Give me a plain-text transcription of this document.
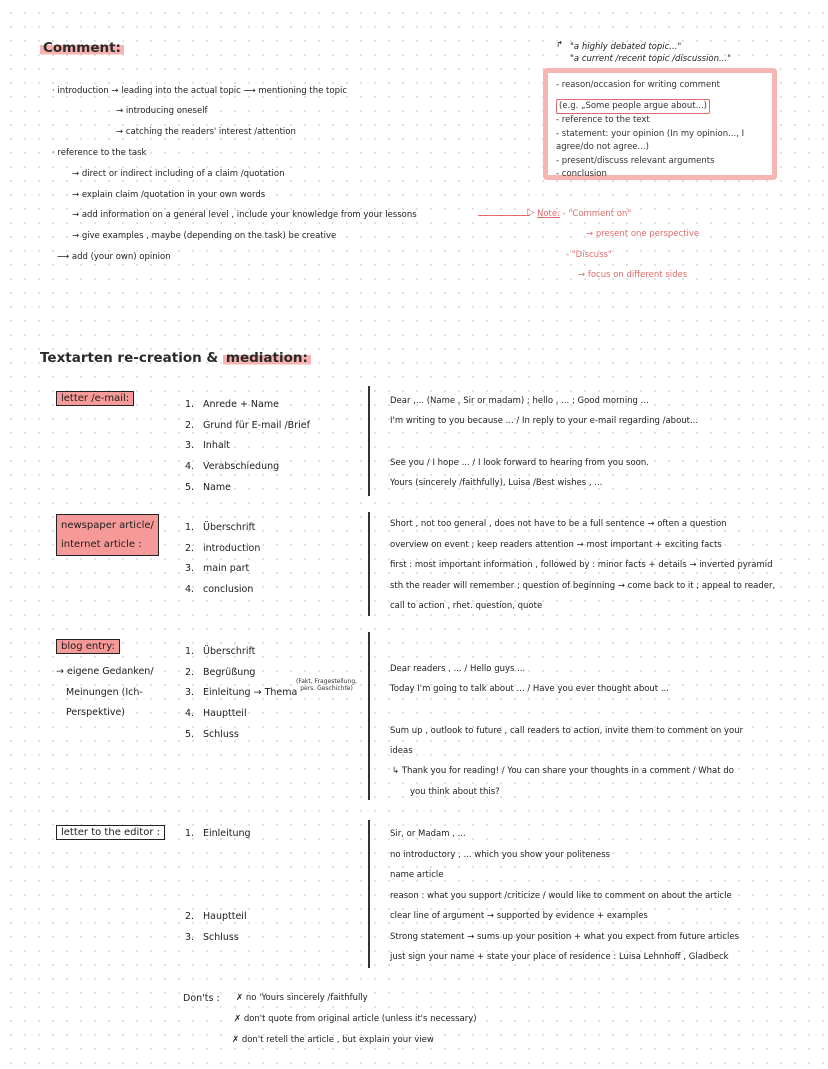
Comment:
· introduction → leading into the actual topic ⟶ mentioning the topic
→ introducing oneself
→ catching the readers' interest /attention
· reference to the task
→ direct or indirect including of a claim /quotation
→ explain claim /quotation in your own words
→ add information on a general level , include your knowledge from your lessons
→ give examples , maybe (depending on the task) be creative
⟶ add (your own) opinion
▷ Note: - "Comment on"
→ present one perspective
- "Discuss"
→ focus on different sides
↱ "a highly debated topic..."
"a current /recent topic /discussion..."
- reason/occasion for writing comment
(e.g. „Some people argue about...)
- reference to the text
- statement: your opinion (In my opinion..., I
agree/do not agree...)
- present/discuss relevant arguments
- conclusion
Textarten re-creation & mediation:
letter /e-mail:
1. Anrede + Name
2. Grund für E-mail /Brief
3. Inhalt
4. Verabschiedung
5. Name
Dear ,... (Name , Sir or madam) ; hello , ... ; Good morning ...
I'm writing to you because ... / In reply to your e-mail regarding /about...
See you / I hope ... / I look forward to hearing from you soon.
Yours (sincerely /faithfully), Luisa /Best wishes , ...
newspaper article/
internet article :
1. Überschrift
2. introduction
3. main part
4. conclusion
Short , not too general , does not have to be a full sentence → often a question
overview on event ; keep readers attention → most important + exciting facts
first : most important information , followed by : minor facts + details → inverted pyramid
sth the reader will remember ; question of beginning → come back to it ; appeal to reader,
call to action , rhet. question, quote
blog entry:
→ eigene Gedanken/
Meinungen (Ich-
Perspektive)
1. Überschrift
2. Begrüßung
3. Einleitung → Thema
4. Hauptteil
5. Schluss
(Fakt, Fragestellung,
pers. Geschichte)
Dear readers , ... / Hello guys ...
Today I'm going to talk about ... / Have you ever thought about ...
Sum up , outlook to future , call readers to action, invite them to comment on your
ideas
↳ Thank you for reading! / You can share your thoughts in a comment / What do
you think about this?
letter to the editor :	1. Einleitung
2. Hauptteil
3. Schluss
Sir, or Madam , ...
no introductory , ... which you show your politeness
name article
reason : what you support /criticize / would like to comment on about the article
clear line of argument → supported by evidence + examples
Strong statement → sums up your position + what you expect from future articles
just sign your name + state your place of residence : Luisa Lehnhoff , Gladbeck
Don'ts : ✗ no 'Yours sincerely /faithfully
✗ don't quote from original article (unless it's necessary)
✗ don't retell the article , but explain your view
